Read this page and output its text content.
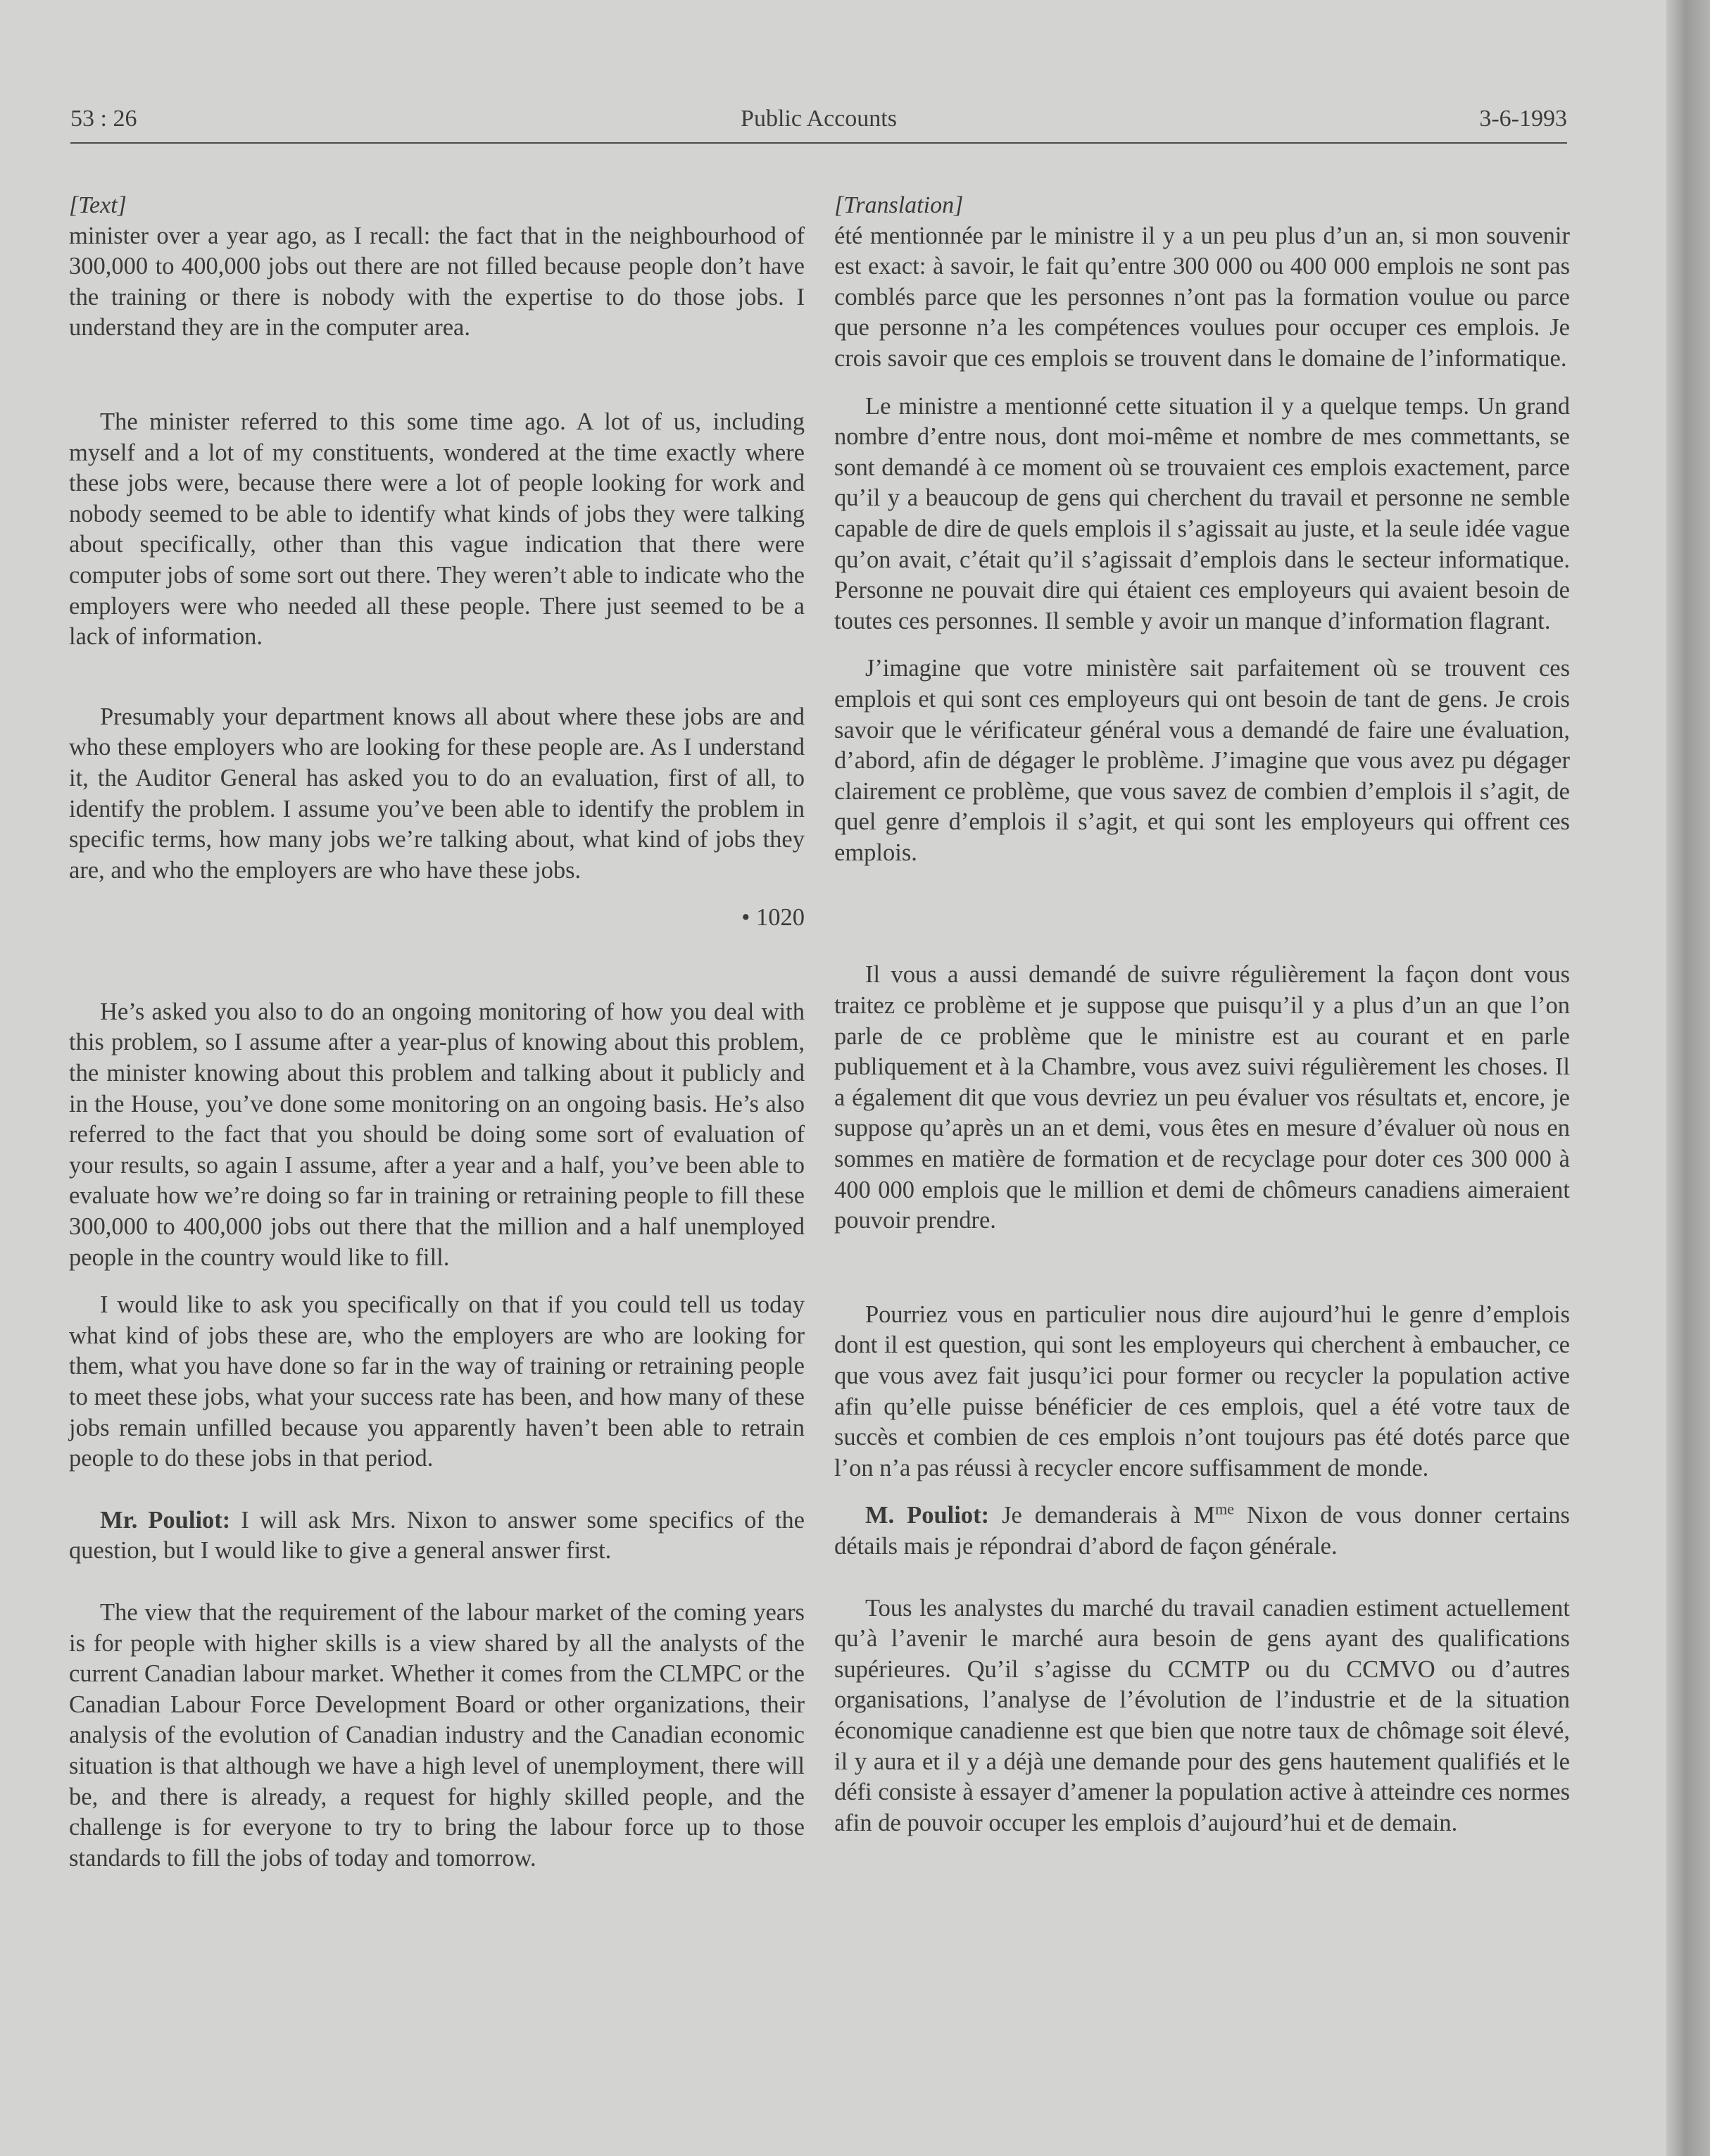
53 : 26	Public Accounts	3-6-1993

[Text]

minister over a year ago, as I recall: the fact that in the neighbourhood of 300,000 to 400,000 jobs out there are not filled because people don’t have the training or there is nobody with the expertise to do those jobs. I understand they are in the computer area.

The minister referred to this some time ago. A lot of us, including myself and a lot of my constituents, wondered at the time exactly where these jobs were, because there were a lot of people looking for work and nobody seemed to be able to identify what kinds of jobs they were talking about specifically, other than this vague indication that there were computer jobs of some sort out there. They weren’t able to indicate who the employers were who needed all these people. There just seemed to be a lack of information.

Presumably your department knows all about where these jobs are and who these employers who are looking for these people are. As I understand it, the Auditor General has asked you to do an evaluation, first of all, to identify the problem. I assume you’ve been able to identify the problem in specific terms, how many jobs we’re talking about, what kind of jobs they are, and who the employers are who have these jobs.

• 1020

He’s asked you also to do an ongoing monitoring of how you deal with this problem, so I assume after a year-plus of knowing about this problem, the minister knowing about this problem and talking about it publicly and in the House, you’ve done some monitoring on an ongoing basis. He’s also referred to the fact that you should be doing some sort of evaluation of your results, so again I assume, after a year and a half, you’ve been able to evaluate how we’re doing so far in training or retraining people to fill these 300,000 to 400,000 jobs out there that the million and a half unemployed people in the country would like to fill.

I would like to ask you specifically on that if you could tell us today what kind of jobs these are, who the employers are who are looking for them, what you have done so far in the way of training or retraining people to meet these jobs, what your success rate has been, and how many of these jobs remain unfilled because you apparently haven’t been able to retrain people to do these jobs in that period.

Mr. Pouliot: I will ask Mrs. Nixon to answer some specifics of the question, but I would like to give a general answer first.

The view that the requirement of the labour market of the coming years is for people with higher skills is a view shared by all the analysts of the current Canadian labour market. Whether it comes from the CLMPC or the Canadian Labour Force Development Board or other organizations, their analysis of the evolution of Canadian industry and the Canadian economic situation is that although we have a high level of unemployment, there will be, and there is already, a request for highly skilled people, and the challenge is for everyone to try to bring the labour force up to those standards to fill the jobs of today and tomorrow.

[Translation]

été mentionnée par le ministre il y a un peu plus d’un an, si mon souvenir est exact: à savoir, le fait qu’entre 300 000 ou 400 000 emplois ne sont pas comblés parce que les personnes n’ont pas la formation voulue ou parce que personne n’a les compétences voulues pour occuper ces emplois. Je crois savoir que ces emplois se trouvent dans le domaine de l’informatique.

Le ministre a mentionné cette situation il y a quelque temps. Un grand nombre d’entre nous, dont moi-même et nombre de mes commettants, se sont demandé à ce moment où se trouvaient ces emplois exactement, parce qu’il y a beaucoup de gens qui cherchent du travail et personne ne semble capable de dire de quels emplois il s’agissait au juste, et la seule idée vague qu’on avait, c’était qu’il s’agissait d’emplois dans le secteur informatique. Personne ne pouvait dire qui étaient ces employeurs qui avaient besoin de toutes ces personnes. Il semble y avoir un manque d’information flagrant.

J’imagine que votre ministère sait parfaitement où se trouvent ces emplois et qui sont ces employeurs qui ont besoin de tant de gens. Je crois savoir que le vérificateur général vous a demandé de faire une évaluation, d’abord, afin de dégager le problème. J’imagine que vous avez pu dégager clairement ce problème, que vous savez de combien d’emplois il s’agit, de quel genre d’emplois il s’agit, et qui sont les employeurs qui offrent ces emplois.

Il vous a aussi demandé de suivre régulièrement la façon dont vous traitez ce problème et je suppose que puisqu’il y a plus d’un an que l’on parle de ce problème que le ministre est au courant et en parle publiquement et à la Chambre, vous avez suivi régulièrement les choses. Il a également dit que vous devriez un peu évaluer vos résultats et, encore, je suppose qu’après un an et demi, vous êtes en mesure d’évaluer où nous en sommes en matière de formation et de recyclage pour doter ces 300 000 à 400 000 emplois que le million et demi de chômeurs canadiens aimeraient pouvoir prendre.

Pourriez vous en particulier nous dire aujourd’hui le genre d’emplois dont il est question, qui sont les employeurs qui cherchent à embaucher, ce que vous avez fait jusqu’ici pour former ou recycler la population active afin qu’elle puisse bénéficier de ces emplois, quel a été votre taux de succès et combien de ces emplois n’ont toujours pas été dotés parce que l’on n’a pas réussi à recycler encore suffisamment de monde.

M. Pouliot: Je demanderais à $M^{me}$ Nixon de vous donner certains détails mais je répondrai d’abord de façon générale.

Tous les analystes du marché du travail canadien estiment actuellement qu’à l’avenir le marché aura besoin de gens ayant des qualifications supérieures. Qu’il s’agisse du CCMTP ou du CCMVO ou d’autres organisations, l’analyse de l’évolution de l’industrie et de la situation économique canadienne est que bien que notre taux de chômage soit élevé, il y aura et il y a déjà une demande pour des gens hautement qualifiés et le défi consiste à essayer d’amener la population active à atteindre ces normes afin de pouvoir occuper les emplois d’aujourd’hui et de demain.
